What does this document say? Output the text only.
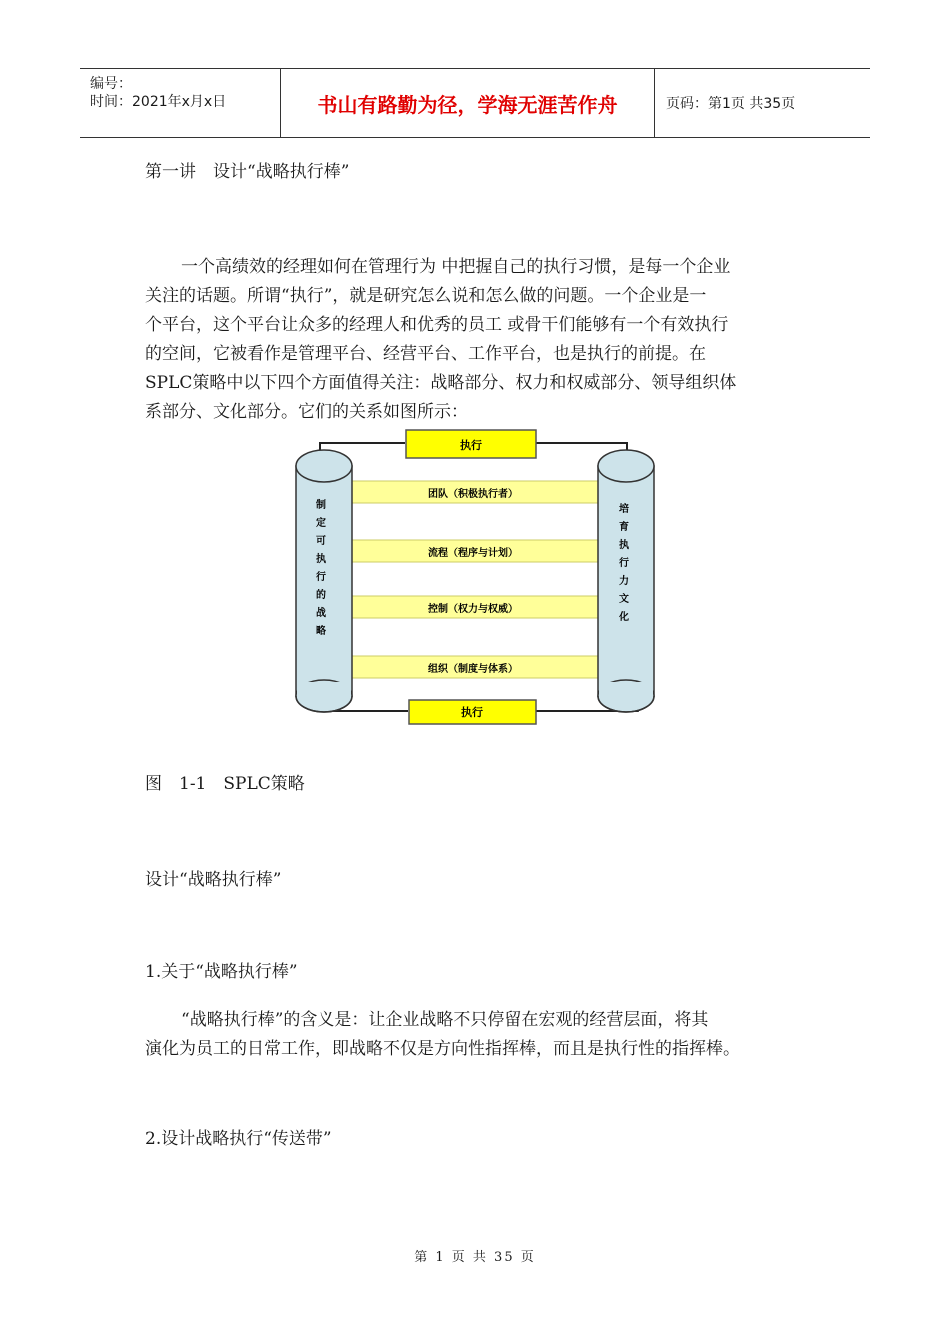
编号：
时间：2021年x月x日	书山有路勤为径，学海无涯苦作舟	页码：第1页 共35页
第一讲　设计“战略执行棒”
一个高绩效的经理如何在管理行为 中把握自己的执行习惯，是每一个企业
关注的话题。所谓“执行”，就是研究怎么说和怎么做的问题。一个企业是一
个平台，这个平台让众多的经理人和优秀的员工 或骨干们能够有一个有效执行
的空间，它被看作是管理平台、经营平台、工作平台，也是执行的前提。在
SPLC策略中以下四个方面值得关注：战略部分、权力和权威部分、领导组织体
系部分、文化部分。它们的关系如图所示：
执行
团队（积极执行者）
流程（程序与计划）
控制（权力与权威）
组织（制度与体系）
制
定
可
执
行
的
战
略
培
育
执
行
力
文
化
执行
图　1-1　SPLC策略
设计“战略执行棒”
1.关于“战略执行棒”
“战略执行棒”的含义是：让企业战略不只停留在宏观的经营层面，将其
演化为员工的日常工作，即战略不仅是方向性指挥棒，而且是执行性的指挥棒。
2.设计战略执行“传送带”
第 1 页 共 35 页
